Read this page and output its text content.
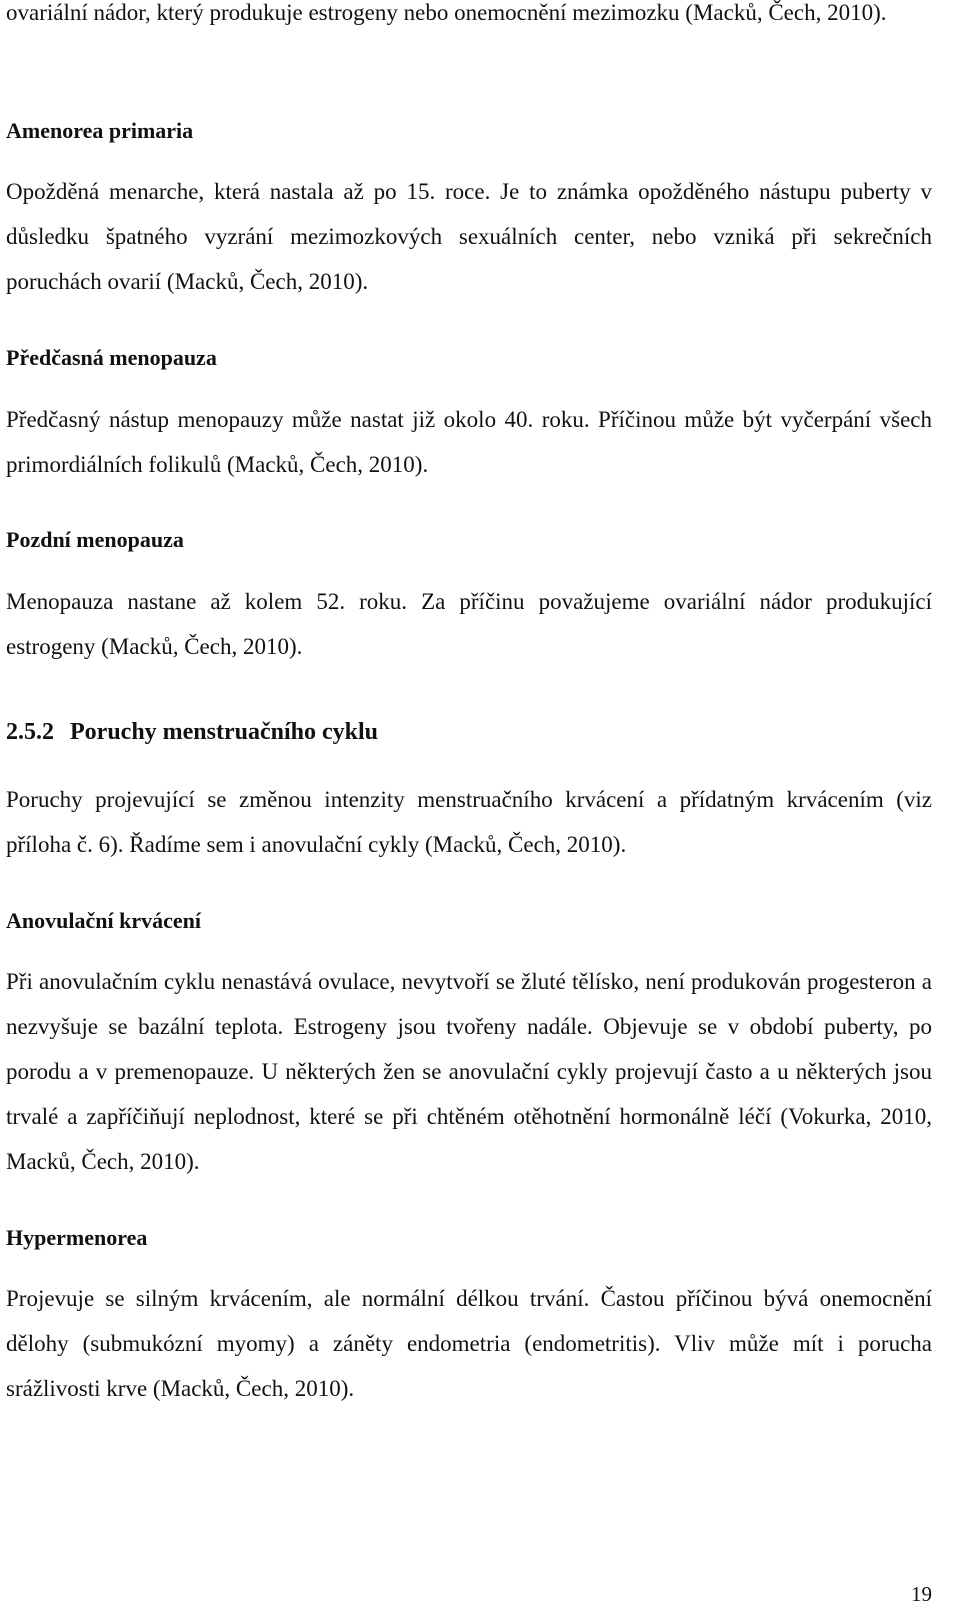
ovariální nádor, který produkuje estrogeny nebo onemocnění mezimozku (Macků, Čech, 2010).

Amenorea primaria

Opožděná menarche, která nastala až po 15. roce. Je to známka opožděného nástupu puberty v důsledku špatného vyzrání mezimozkových sexuálních center, nebo vzniká při sekrečních poruchách ovarií (Macků, Čech, 2010).

Předčasná menopauza

Předčasný nástup menopauzy může nastat již okolo 40. roku. Příčinou může být vyčerpání všech primordiálních folikulů (Macků, Čech, 2010).

Pozdní menopauza

Menopauza nastane až kolem 52. roku. Za příčinu považujeme ovariální nádor produkující estrogeny (Macků, Čech, 2010).

2.5.2 Poruchy menstruačního cyklu

Poruchy projevující se změnou intenzity menstruačního krvácení a přídatným krvácením (viz příloha č. 6). Řadíme sem i anovulační cykly (Macků, Čech, 2010).

Anovulační krvácení

Při anovulačním cyklu nenastává ovulace, nevytvoří se žluté tělísko, není produkován progesteron a nezvyšuje se bazální teplota. Estrogeny jsou tvořeny nadále. Objevuje se v období puberty, po porodu a v premenopauze. U některých žen se anovulační cykly projevují často a u některých jsou trvalé a zapříčiňují neplodnost, které se při chtěném otěhotnění hormonálně léčí (Vokurka, 2010, Macků, Čech, 2010).

Hypermenorea

Projevuje se silným krvácením, ale normální délkou trvání. Častou příčinou bývá onemocnění dělohy (submukózní myomy) a záněty endometria (endometritis). Vliv může mít i porucha srážlivosti krve (Macků, Čech, 2010).

19
